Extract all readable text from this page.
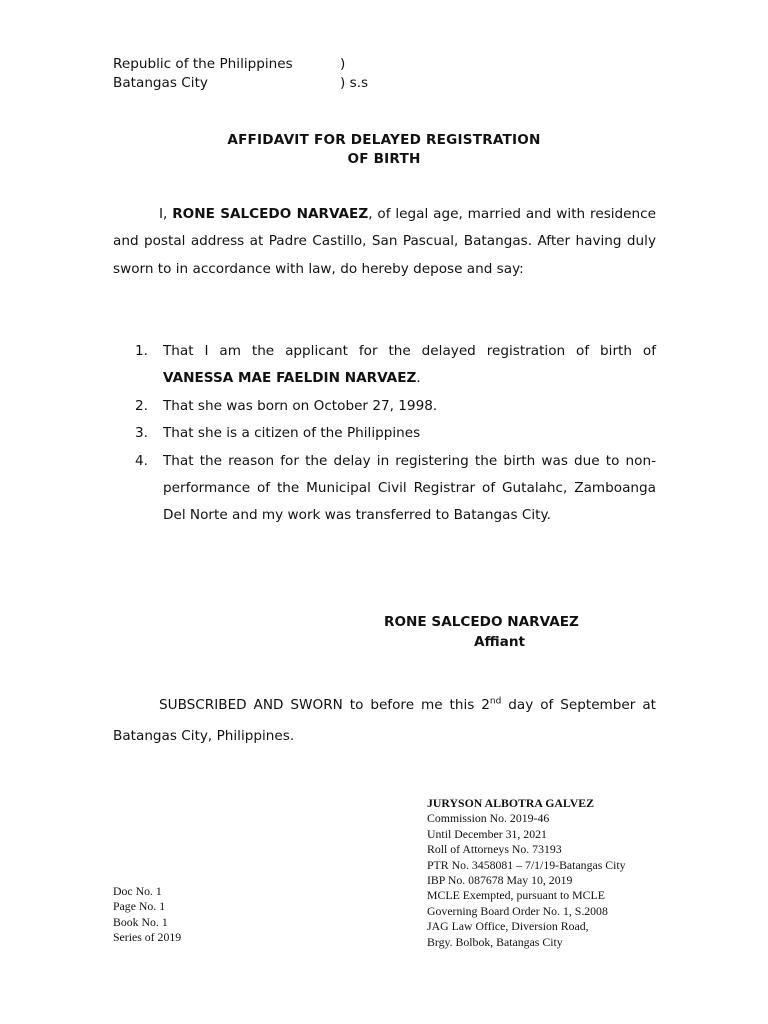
Republic of the Philippines	)
Batangas City	) s.s
AFFIDAVIT FOR DELAYED REGISTRATION
OF BIRTH
I, RONE SALCEDO NARVAEZ, of legal age, married and with residence and postal address at Padre Castillo, San Pascual, Batangas. After having duly sworn to in accordance with law, do hereby depose and say:
1. That I am the applicant for the delayed registration of birth of VANESSA MAE FAELDIN NARVAEZ.
2. That she was born on October 27, 1998.
3. That she is a citizen of the Philippines
4. That the reason for the delay in registering the birth was due to non-performance of the Municipal Civil Registrar of Gutalahc, Zamboanga Del Norte and my work was transferred to Batangas City.
RONE SALCEDO NARVAEZ
Affiant
SUBSCRIBED AND SWORN to before me this 2nd day of September at Batangas City, Philippines.
JURYSON ALBOTRA GALVEZ
Commission No. 2019-46
Until December 31, 2021
Roll of Attorneys No. 73193
PTR No. 3458081 – 7/1/19-Batangas City
IBP No. 087678 May 10, 2019
MCLE Exempted, pursuant to MCLE
Governing Board Order No. 1, S.2008
JAG Law Office, Diversion Road,
Brgy. Bolbok, Batangas City
Doc No. 1
Page No. 1
Book No. 1
Series of 2019
